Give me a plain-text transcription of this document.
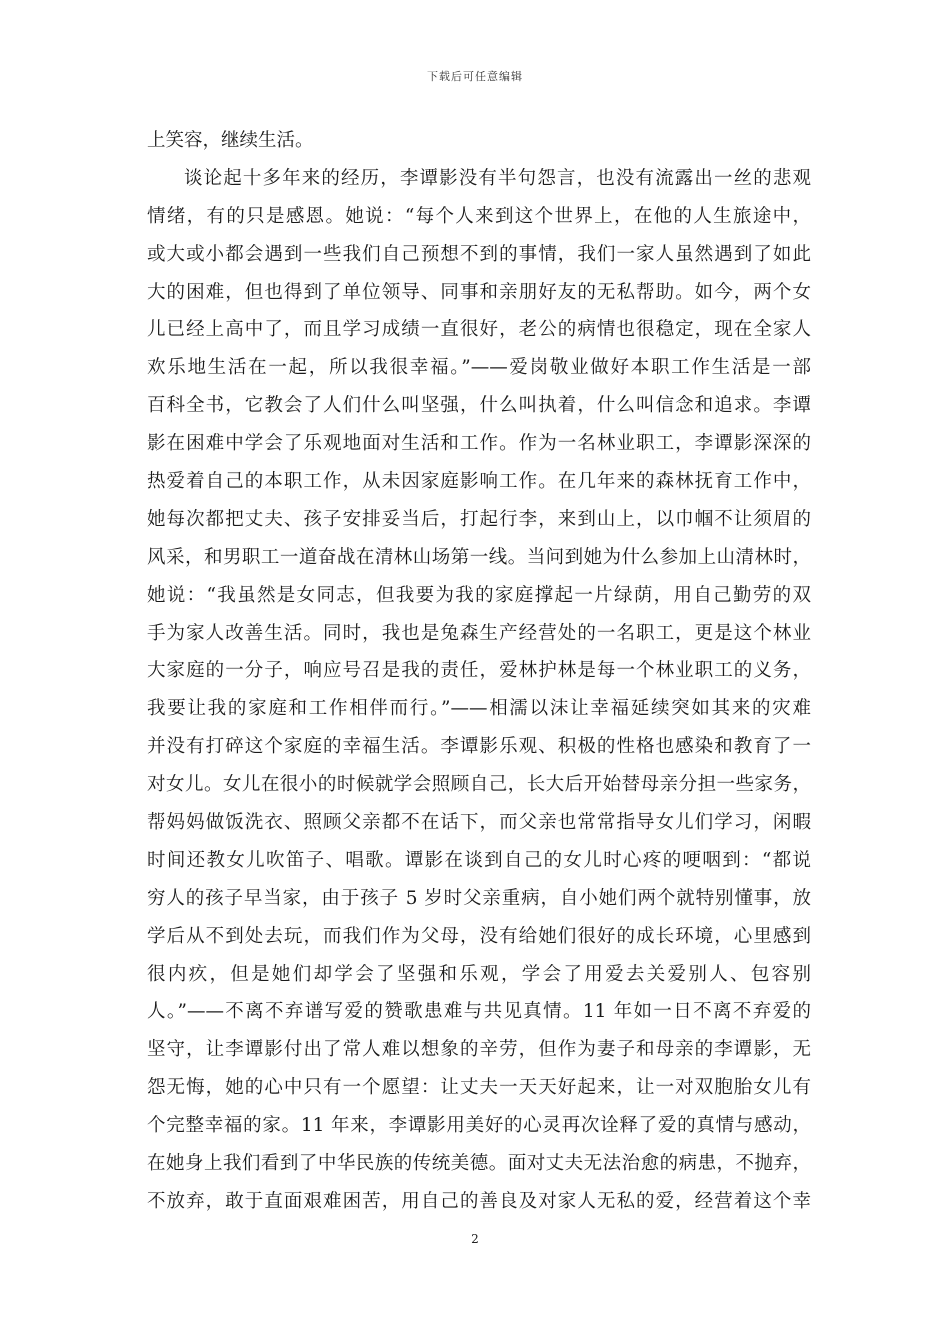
下载后可任意编辑
上笑容，继续生活。
谈论起十多年来的经历，李谭影没有半句怨言，也没有流露出一丝的悲观
情绪，有的只是感恩。她说：“每个人来到这个世界上，在他的人生旅途中，
或大或小都会遇到一些我们自己预想不到的事情，我们一家人虽然遇到了如此
大的困难，但也得到了单位领导、同事和亲朋好友的无私帮助。如今，两个女
儿已经上高中了，而且学习成绩一直很好，老公的病情也很稳定，现在全家人
欢乐地生活在一起，所以我很幸福。”——爱岗敬业做好本职工作生活是一部
百科全书，它教会了人们什么叫坚强，什么叫执着，什么叫信念和追求。李谭
影在困难中学会了乐观地面对生活和工作。作为一名林业职工，李谭影深深的
热爱着自己的本职工作，从未因家庭影响工作。在几年来的森林抚育工作中，
她每次都把丈夫、孩子安排妥当后，打起行李，来到山上，以巾帼不让须眉的
风采，和男职工一道奋战在清林山场第一线。当问到她为什么参加上山清林时，
她说：“我虽然是女同志，但我要为我的家庭撑起一片绿荫，用自己勤劳的双
手为家人改善生活。同时，我也是兔森生产经营处的一名职工，更是这个林业
大家庭的一分子，响应号召是我的责任，爱林护林是每一个林业职工的义务，
我要让我的家庭和工作相伴而行。”——相濡以沫让幸福延续突如其来的灾难
并没有打碎这个家庭的幸福生活。李谭影乐观、积极的性格也感染和教育了一
对女儿。女儿在很小的时候就学会照顾自己，长大后开始替母亲分担一些家务，
帮妈妈做饭洗衣、照顾父亲都不在话下，而父亲也常常指导女儿们学习，闲暇
时间还教女儿吹笛子、唱歌。谭影在谈到自己的女儿时心疼的哽咽到：“都说
穷人的孩子早当家，由于孩子 5 岁时父亲重病，自小她们两个就特别懂事，放
学后从不到处去玩，而我们作为父母，没有给她们很好的成长环境，心里感到
很内疚，但是她们却学会了坚强和乐观，学会了用爱去关爱别人、包容别
人。”——不离不弃谱写爱的赞歌患难与共见真情。11 年如一日不离不弃爱的
坚守，让李谭影付出了常人难以想象的辛劳，但作为妻子和母亲的李谭影，无
怨无悔，她的心中只有一个愿望：让丈夫一天天好起来，让一对双胞胎女儿有
个完整幸福的家。11 年来，李谭影用美好的心灵再次诠释了爱的真情与感动，
在她身上我们看到了中华民族的传统美德。面对丈夫无法治愈的病患，不抛弃，
不放弃，敢于直面艰难困苦，用自己的善良及对家人无私的爱，经营着这个幸
2
